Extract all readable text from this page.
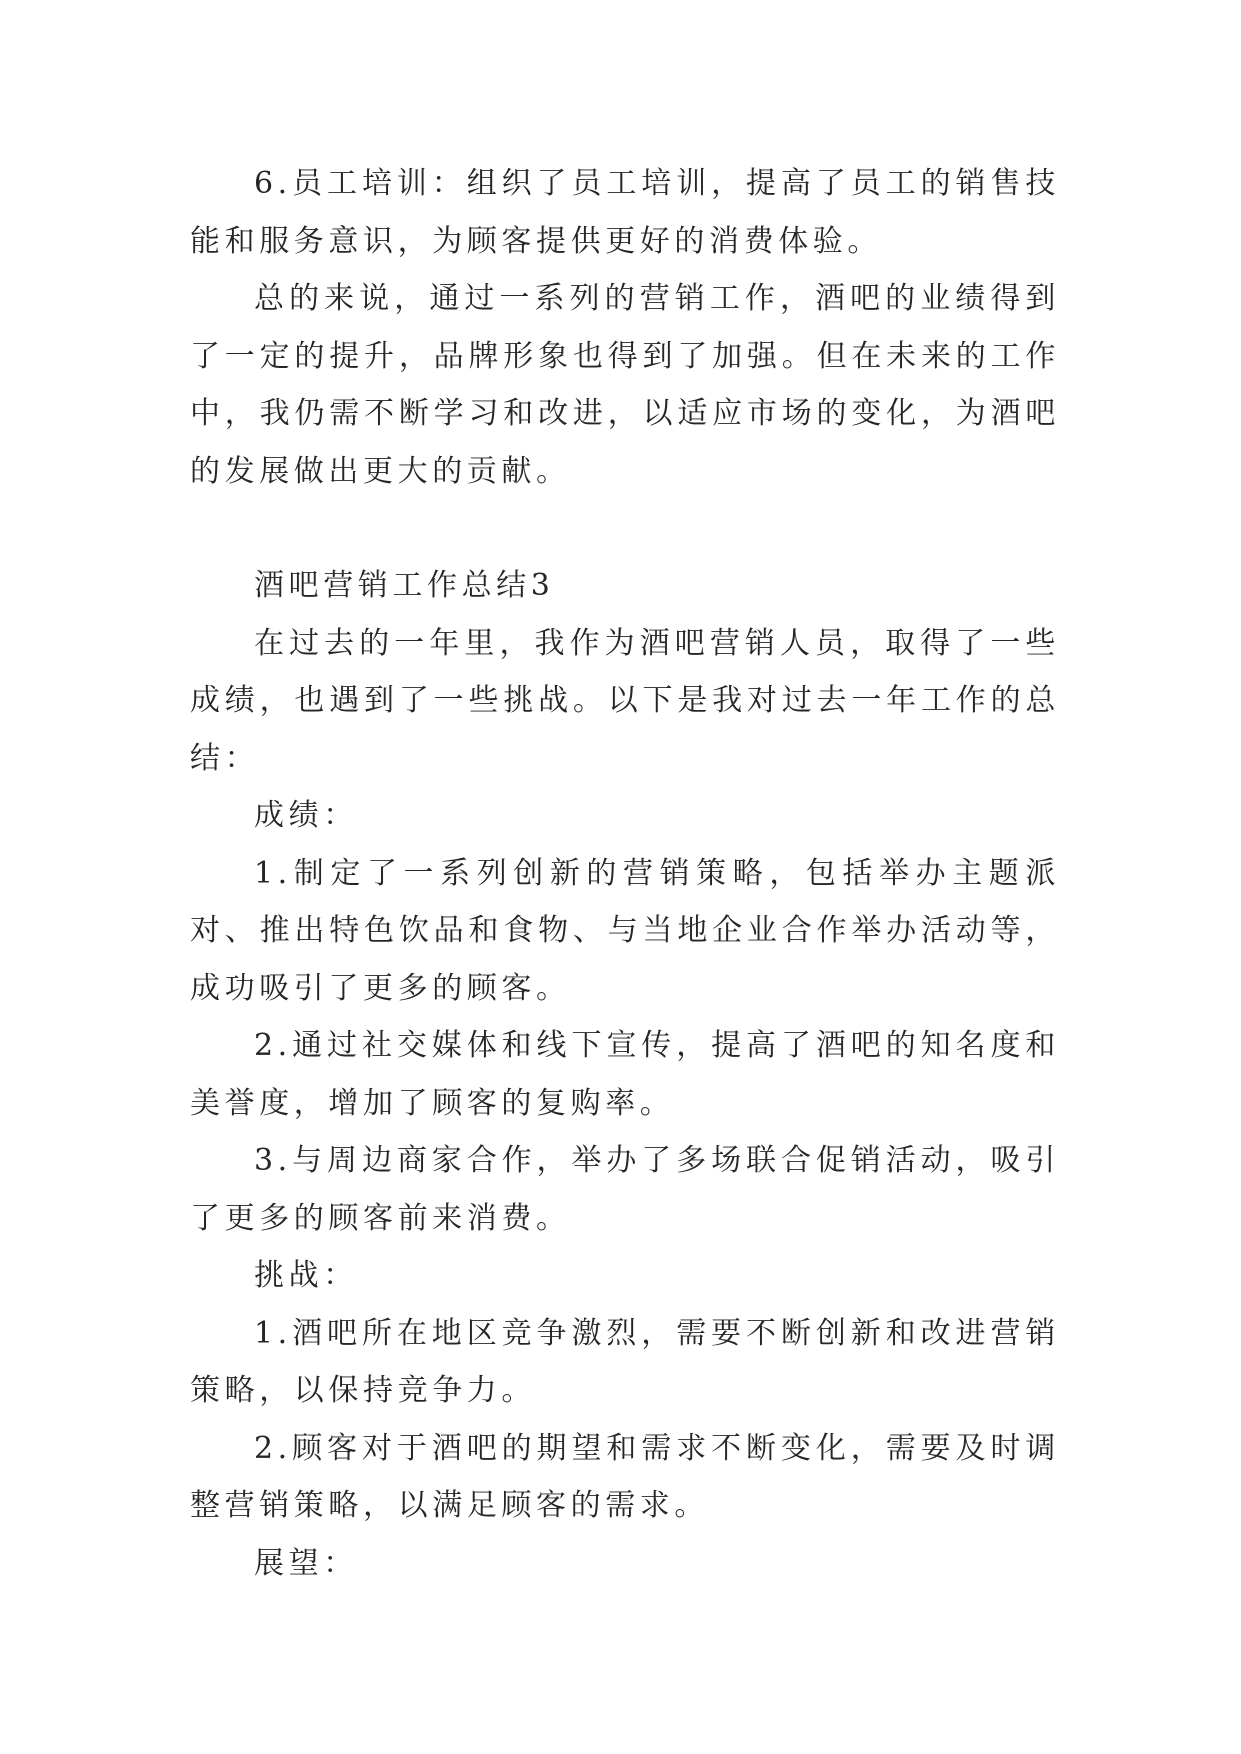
6.员工培训：组织了员工培训，提高了员工的销售技能和服务意识，为顾客提供更好的消费体验。

总的来说，通过一系列的营销工作，酒吧的业绩得到了一定的提升，品牌形象也得到了加强。但在未来的工作中，我仍需不断学习和改进，以适应市场的变化，为酒吧的发展做出更大的贡献。

酒吧营销工作总结3

在过去的一年里，我作为酒吧营销人员，取得了一些成绩，也遇到了一些挑战。以下是我对过去一年工作的总结：

成绩：

1.制定了一系列创新的营销策略，包括举办主题派对、推出特色饮品和食物、与当地企业合作举办活动等，成功吸引了更多的顾客。

2.通过社交媒体和线下宣传，提高了酒吧的知名度和美誉度，增加了顾客的复购率。

3.与周边商家合作，举办了多场联合促销活动，吸引了更多的顾客前来消费。

挑战：

1.酒吧所在地区竞争激烈，需要不断创新和改进营销策略，以保持竞争力。

2.顾客对于酒吧的期望和需求不断变化，需要及时调整营销策略，以满足顾客的需求。

展望：
